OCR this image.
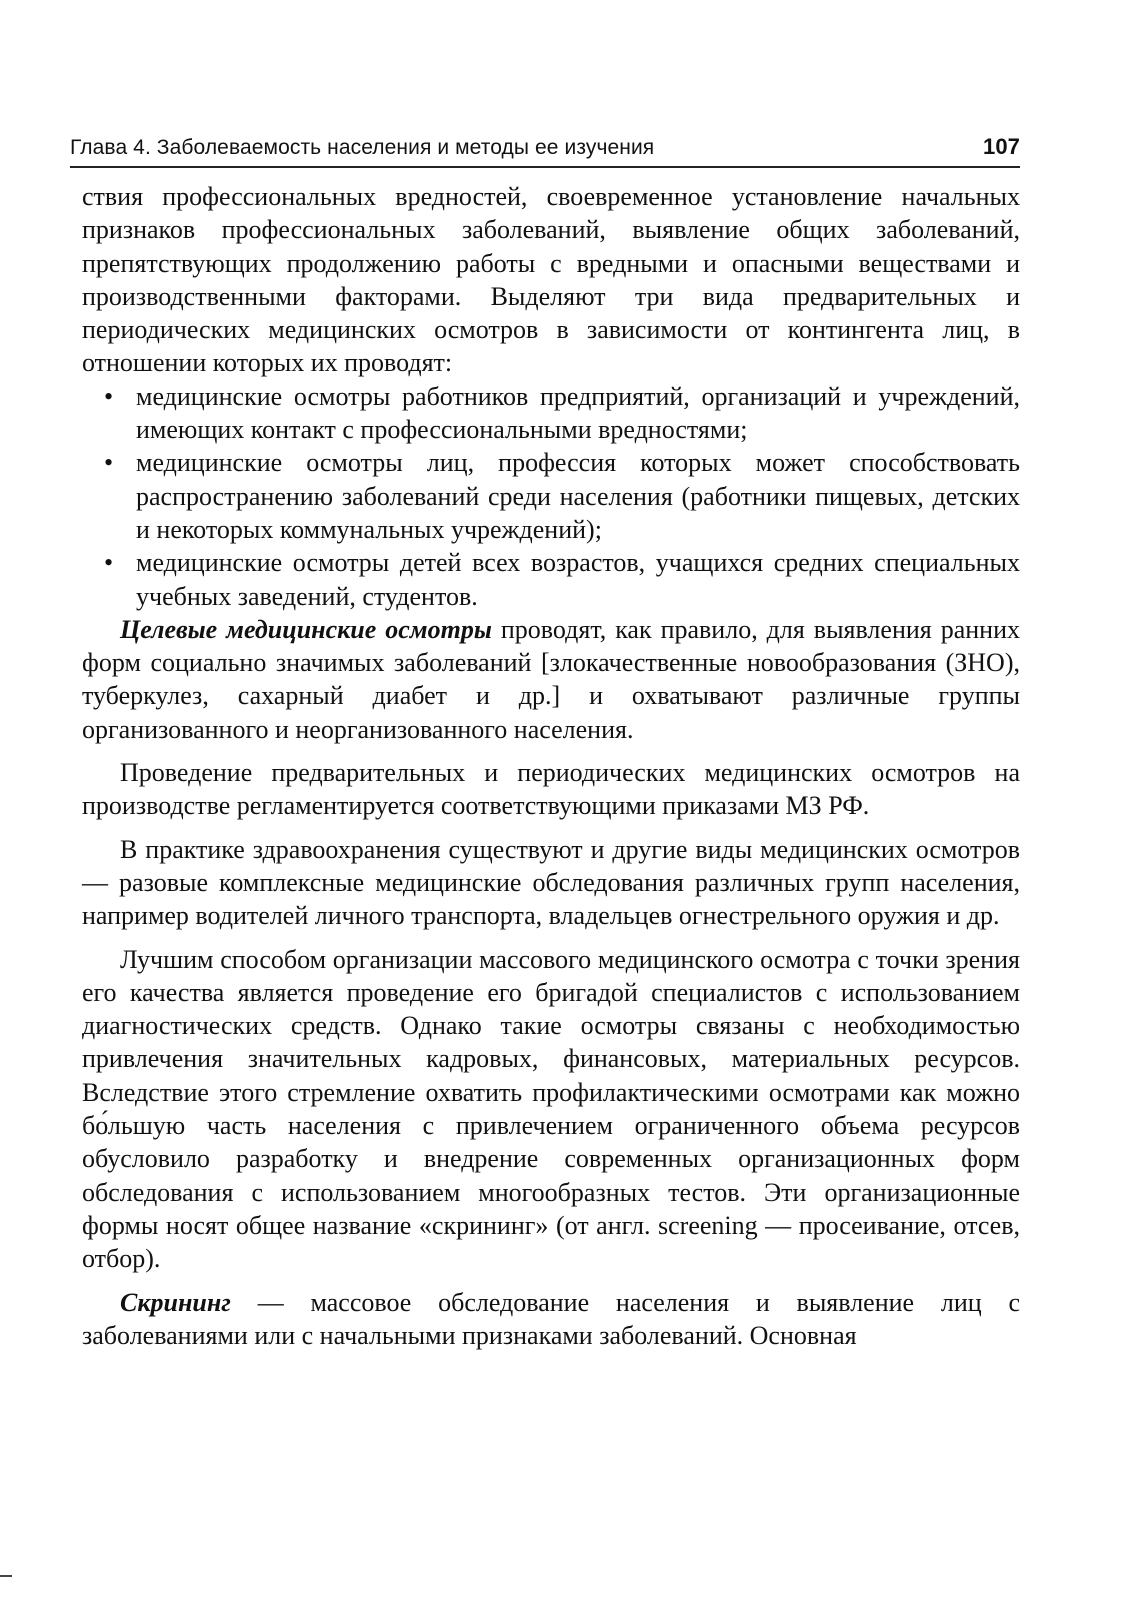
Глава 4. Заболеваемость населения и методы ее изучения	107

ствия профессиональных вредностей, своевременное установление начальных признаков профессиональных заболеваний, выявление общих заболеваний, препятствующих продолжению работы с вредными и опасными веществами и производственными факторами. Выделяют три вида предварительных и периодических медицинских осмотров в зависимости от контингента лиц, в отношении которых их проводят:

• медицинские осмотры работников предприятий, организаций и учреждений, имеющих контакт с профессиональными вредностями;
• медицинские осмотры лиц, профессия которых может способствовать распространению заболеваний среди населения (работники пищевых, детских и некоторых коммунальных учреждений);
• медицинские осмотры детей всех возрастов, учащихся средних специальных учебных заведений, студентов.

Целевые медицинские осмотры проводят, как правило, для выявления ранних форм социально значимых заболеваний [злокачественные новообразования (ЗНО), туберкулез, сахарный диабет и др.] и охватывают различные группы организованного и неорганизованного населения.

Проведение предварительных и периодических медицинских осмотров на производстве регламентируется соответствующими приказами МЗ РФ.

В практике здравоохранения существуют и другие виды медицинских осмотров — разовые комплексные медицинские обследования различных групп населения, например водителей личного транспорта, владельцев огнестрельного оружия и др.

Лучшим способом организации массового медицинского осмотра с точки зрения его качества является проведение его бригадой специалистов с использованием диагностических средств. Однако такие осмотры связаны с необходимостью привлечения значительных кадровых, финансовых, материальных ресурсов. Вследствие этого стремление охватить профилактическими осмотрами как можно бо́льшую часть населения с привлечением ограниченного объема ресурсов обусловило разработку и внедрение современных организационных форм обследования с использованием многообразных тестов. Эти организационные формы носят общее название «скрининг» (от англ. screening — просеивание, отсев, отбор).

Скрининг — массовое обследование населения и выявление лиц с заболеваниями или с начальными признаками заболеваний. Основная
